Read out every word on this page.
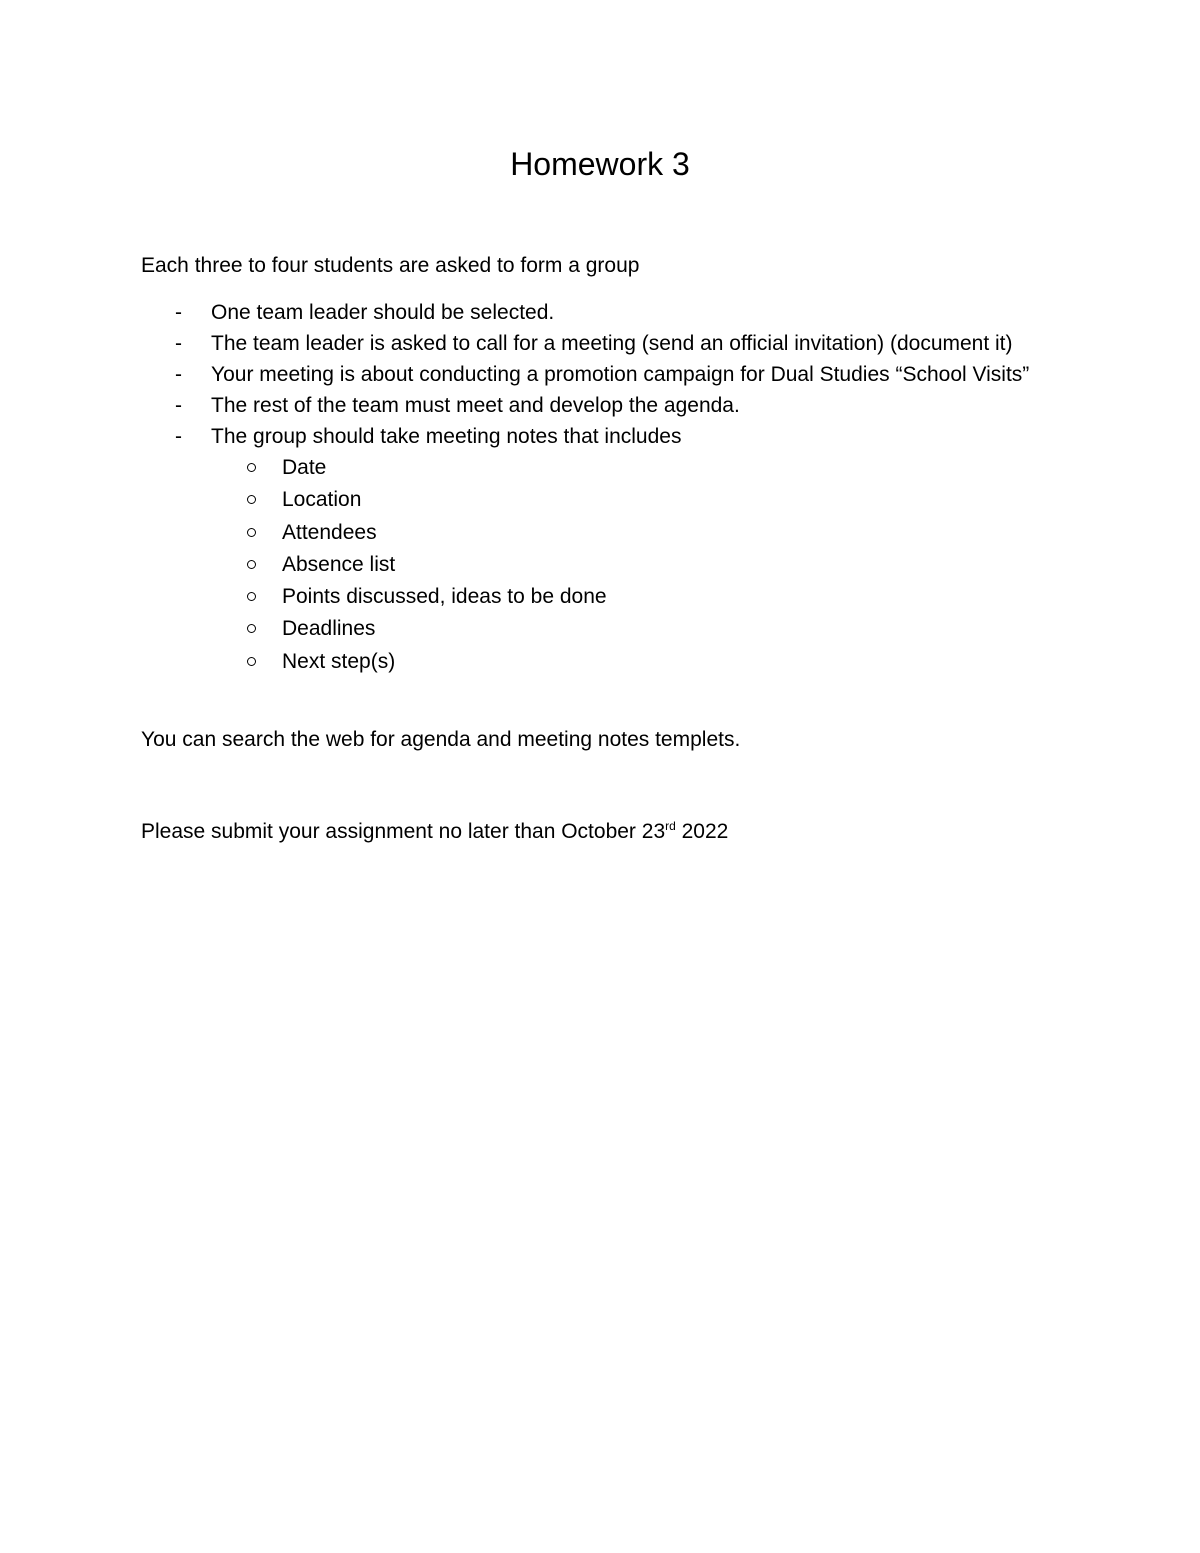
Homework 3

Each three to four students are asked to form a group

-	One team leader should be selected.
-	The team leader is asked to call for a meeting (send an official invitation) (document it)
-	Your meeting is about conducting a promotion campaign for Dual Studies “School Visits”
-	The rest of the team must meet and develop the agenda.
-	The group should take meeting notes that includes
Date
Location
Attendees
Absence list
Points discussed, ideas to be done
Deadlines
Next step(s)

You can search the web for agenda and meeting notes templets.

Please submit your assignment no later than October 23rd 2022
